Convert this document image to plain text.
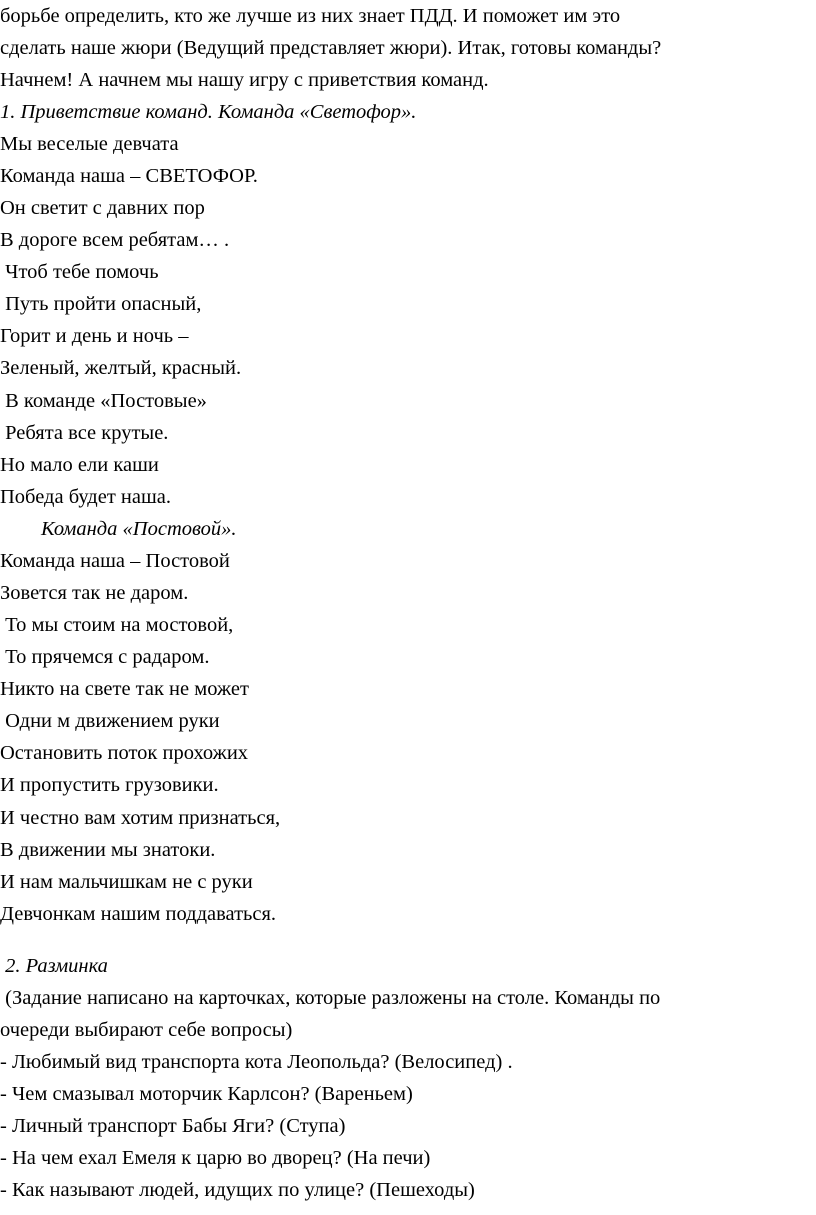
борьбе определить, кто же лучше из них знает ПДД. И поможет им это
сделать наше жюри (Ведущий представляет жюри). Итак, готовы команды?
Начнем! А начнем мы нашу игру с приветствия команд.
1. Приветствие команд. Команда «Светофор».
Мы веселые девчата
Команда наша – СВЕТОФОР.
Он светит с давних пор
В дороге всем ребятам… .
Чтоб тебе помочь
Путь пройти опасный,
Горит и день и ночь –
Зеленый, желтый, красный.
В команде «Постовые»
Ребята все крутые.
Но мало ели каши
Победа будет наша.
Команда «Постовой».
Команда наша – Постовой
Зовется так не даром.
То мы стоим на мостовой,
То прячемся с радаром.
Никто на свете так не может
Одни м движением руки
Остановить поток прохожих
И пропустить грузовики.
И честно вам хотим признаться,
В движении мы знатоки.
И нам мальчишкам не с руки
Девчонкам нашим поддаваться.
2. Разминка
(Задание написано на карточках, которые разложены на столе. Команды по
очереди выбирают себе вопросы)
- Любимый вид транспорта кота Леопольда? (Велосипед) .
- Чем смазывал моторчик Карлсон? (Вареньем)
- Личный транспорт Бабы Яги? (Ступа)
- На чем ехал Емеля к царю во дворец? (На печи)
- Как называют людей, идущих по улице? (Пешеходы)
